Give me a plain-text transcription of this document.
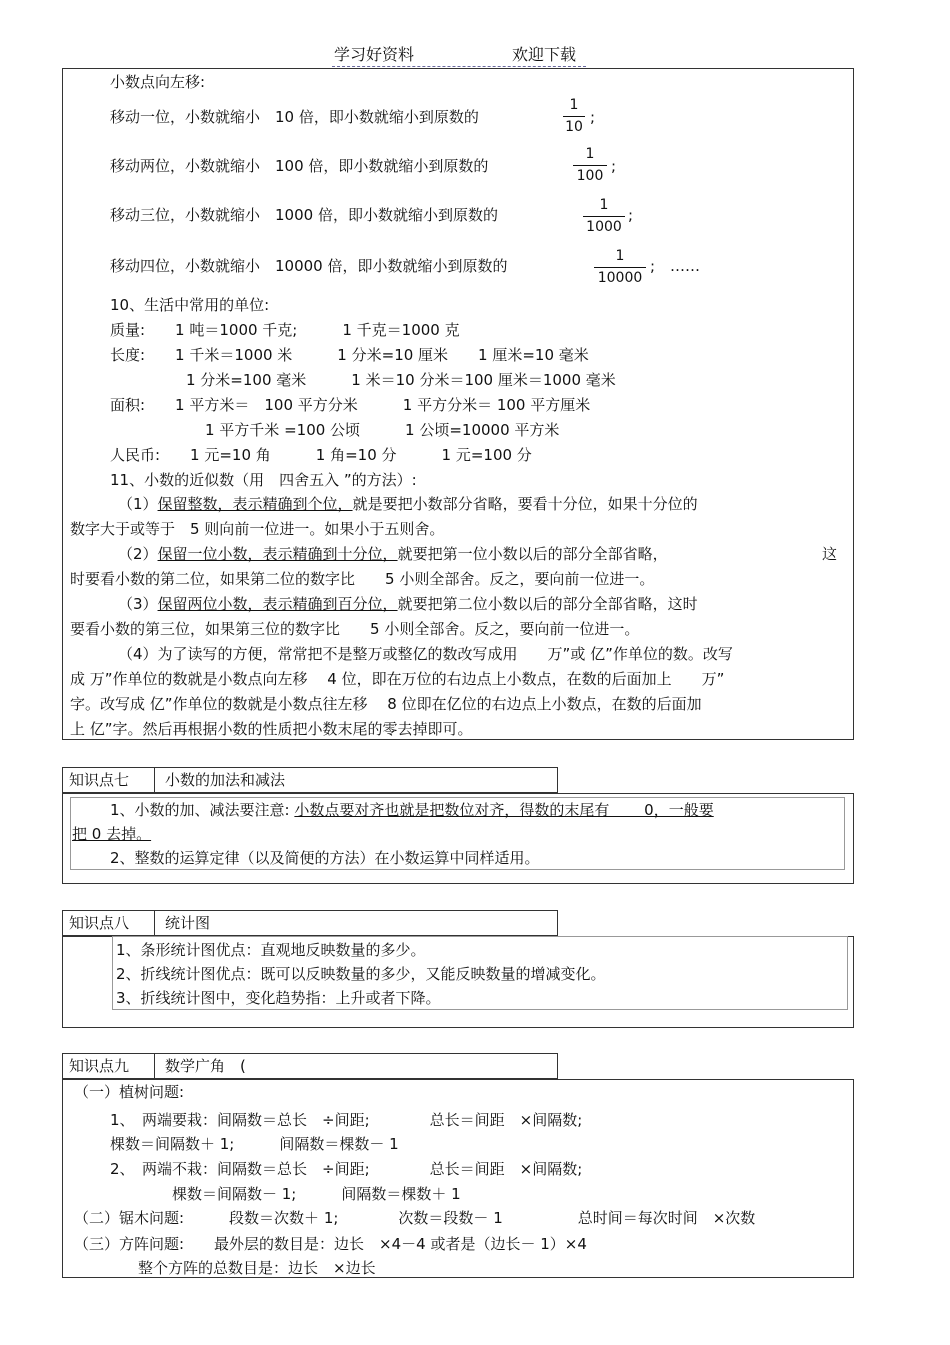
学习好资料	欢迎下载
小数点向左移:
移动一位，小数就缩小　10 倍，即小数就缩小到原数的
1
10
;
移动两位，小数就缩小　100 倍，即小数就缩小到原数的
1
100
;
移动三位，小数就缩小　1000 倍，即小数就缩小到原数的
1
1000
;
移动四位，小数就缩小　10000 倍，即小数就缩小到原数的
1
10000
;　……
10、生活中常用的单位:
质量:　　1 吨＝1000 千克;　　　1 千克＝1000 克
长度:　　1 千米＝1000 米　　　1 分米=10 厘米　　1 厘米=10 毫米
1 分米=100 毫米　　　1 米＝10 分米＝100 厘米＝1000 毫米
面积:　　1 平方米＝　100 平方分米　　　1 平方分米＝ 100 平方厘米
1 平方千米 =100 公顷　　　1 公顷=10000 平方米
人民币:　　1 元=10 角　　　1 角=10 分　　　1 元=100 分
11、小数的近似数（用　四舍五入 ”的方法）:
（1）保留整数，表示精确到个位，就是要把小数部分省略，要看十分位，如果十分位的
数字大于或等于　5 则向前一位进一。如果小于五则舍。
（2）保留一位小数，表示精确到十分位，就要把第一位小数以后的部分全部省略，	这
时要看小数的第二位，如果第二位的数字比　　5 小则全部舍。反之，要向前一位进一。
（3）保留两位小数，表示精确到百分位，就要把第二位小数以后的部分全部省略，这时
要看小数的第三位，如果第三位的数字比　　5 小则全部舍。反之，要向前一位进一。
（4）为了读写的方便，常常把不是整万或整亿的数改写成用　　万”或 亿”作单位的数。改写
成 万”作单位的数就是小数点向左移　 4 位，即在万位的右边点上小数点，在数的后面加上　　万”
字。改写成 亿”作单位的数就是小数点往左移　 8 位即在亿位的右边点上小数点，在数的后面加
上 亿”字。然后再根据小数的性质把小数末尾的零去掉即可。
知识点七	小数的加法和减法
1、小数的加、减法要注意: 小数点要对齐也就是把数位对齐，得数的末尾有　　 0，一般要
把 0 去掉。
2、整数的运算定律（以及简便的方法）在小数运算中同样适用。
知识点八	统计图
1、条形统计图优点：直观地反映数量的多少。
2、折线统计图优点：既可以反映数量的多少，又能反映数量的增减变化。
3、折线统计图中，变化趋势指：上升或者下降。
知识点九	数学广角　(
（一）植树问题:
1、　两端要栽：间隔数＝总长　÷间距;　　　　总长＝间距　×间隔数;
棵数＝间隔数＋ 1;　　　间隔数＝棵数－ 1
2、　两端不栽：间隔数＝总长　÷间距;　　　　总长＝间距　×间隔数;
棵数＝间隔数－ 1;　　　间隔数＝棵数＋ 1
（二）锯木问题:　　　段数＝次数＋ 1;　　　　次数＝段数－ 1　　　　　总时间＝每次时间　×次数
（三）方阵问题:　　最外层的数目是：边长　×4－4 或者是（边长－ 1）×4
整个方阵的总数目是：边长　×边长
